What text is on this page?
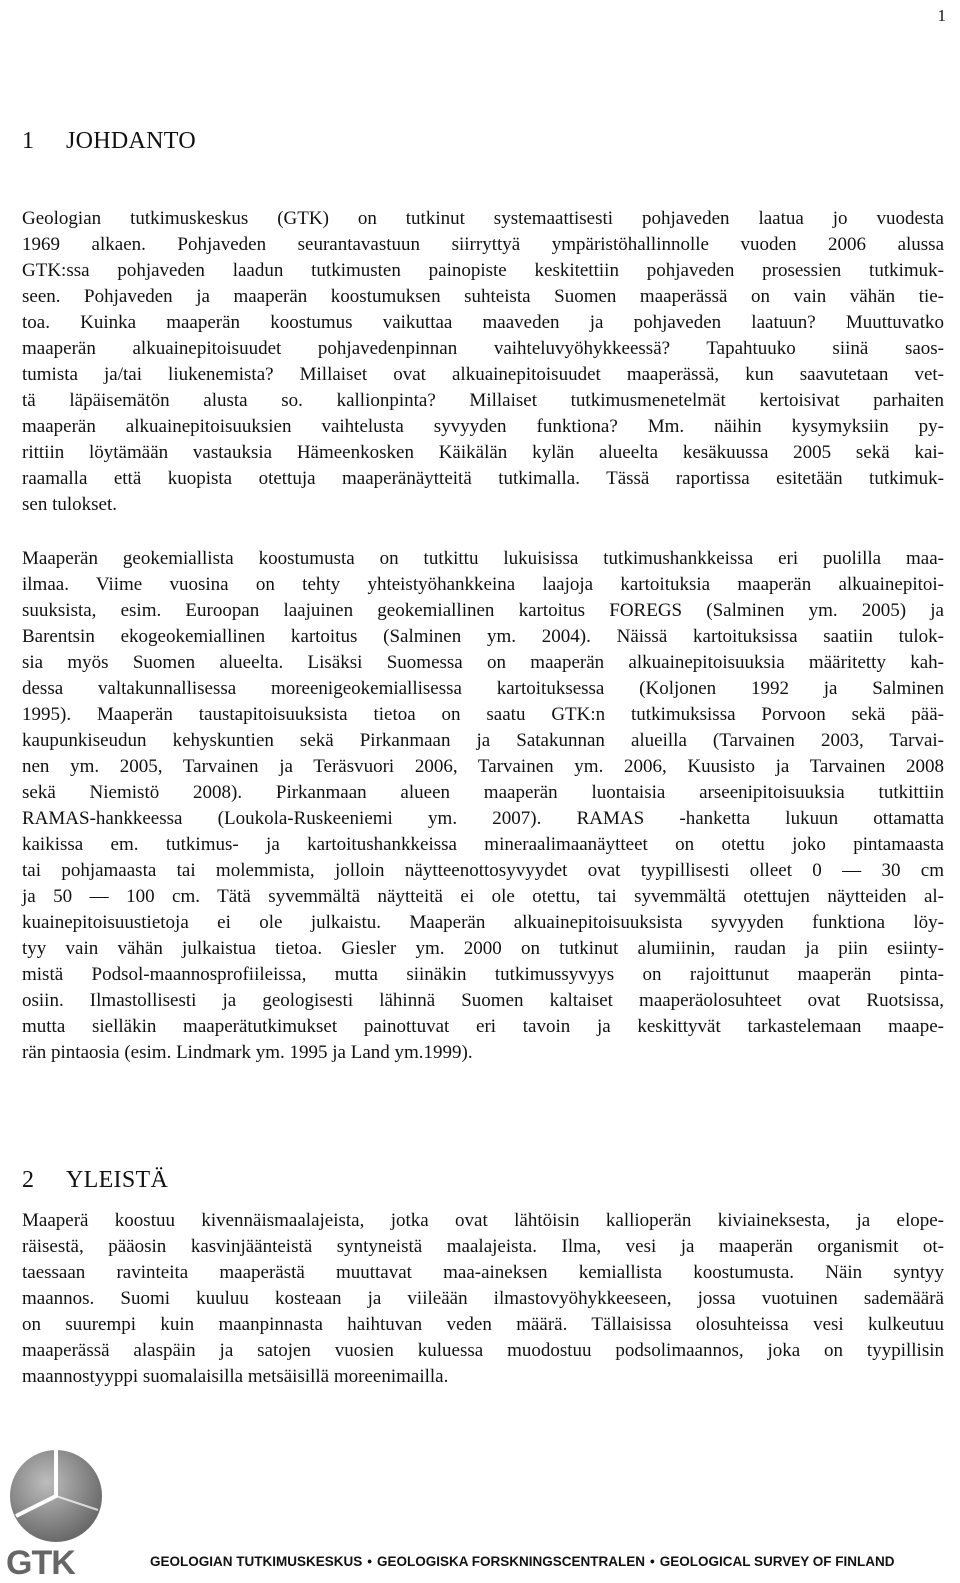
1
1 JOHDANTO

Geologian tutkimuskeskus (GTK) on tutkinut systemaattisesti pohjaveden laatua jo vuodesta
1969 alkaen. Pohjaveden seurantavastuun siirryttyä ympäristöhallinnolle vuoden 2006 alussa
GTK:ssa pohjaveden laadun tutkimusten painopiste keskitettiin pohjaveden prosessien tutkimuk-
seen. Pohjaveden ja maaperän koostumuksen suhteista Suomen maaperässä on vain vähän tie-
toa. Kuinka maaperän koostumus vaikuttaa maaveden ja pohjaveden laatuun? Muuttuvatko
maaperän alkuainepitoisuudet pohjavedenpinnan vaihteluvyöhykkeessä? Tapahtuuko siinä saos-
tumista ja/tai liukenemista? Millaiset ovat alkuainepitoisuudet maaperässä, kun saavutetaan vet-
tä läpäisemätön alusta so. kallionpinta? Millaiset tutkimusmenetelmät kertoisivat parhaiten
maaperän alkuainepitoisuuksien vaihtelusta syvyyden funktiona? Mm. näihin kysymyksiin py-
rittiin löytämään vastauksia Hämeenkosken Käikälän kylän alueelta kesäkuussa 2005 sekä kai-
raamalla että kuopista otettuja maaperänäytteitä tutkimalla. Tässä raportissa esitetään tutkimuk-
sen tulokset.

Maaperän geokemiallista koostumusta on tutkittu lukuisissa tutkimushankkeissa eri puolilla maa-
ilmaa. Viime vuosina on tehty yhteistyöhankkeina laajoja kartoituksia maaperän alkuainepitoi-
suuksista, esim. Euroopan laajuinen geokemiallinen kartoitus FOREGS (Salminen ym. 2005) ja
Barentsin ekogeokemiallinen kartoitus (Salminen ym. 2004). Näissä kartoituksissa saatiin tulok-
sia myös Suomen alueelta. Lisäksi Suomessa on maaperän alkuainepitoisuuksia määritetty kah-
dessa valtakunnallisessa moreenigeokemiallisessa kartoituksessa (Koljonen 1992 ja Salminen
1995). Maaperän taustapitoisuuksista tietoa on saatu GTK:n tutkimuksissa Porvoon sekä pää-
kaupunkiseudun kehyskuntien sekä Pirkanmaan ja Satakunnan alueilla (Tarvainen 2003, Tarvai-
nen ym. 2005, Tarvainen ja Teräsvuori 2006, Tarvainen ym. 2006, Kuusisto ja Tarvainen 2008
sekä Niemistö 2008). Pirkanmaan alueen maaperän luontaisia arseenipitoisuuksia tutkittiin
RAMAS-hankkeessa (Loukola-Ruskeeniemi ym. 2007). RAMAS -hanketta lukuun ottamatta
kaikissa em. tutkimus- ja kartoitushankkeissa mineraalimaanäytteet on otettu joko pintamaasta
tai pohjamaasta tai molemmista, jolloin näytteenottosyvyydet ovat tyypillisesti olleet 0 — 30 cm
ja 50 — 100 cm. Tätä syvemmältä näytteitä ei ole otettu, tai syvemmältä otettujen näytteiden al-
kuainepitoisuustietoja ei ole julkaistu. Maaperän alkuainepitoisuuksista syvyyden funktiona löy-
tyy vain vähän julkaistua tietoa. Giesler ym. 2000 on tutkinut alumiinin, raudan ja piin esiinty-
mistä Podsol-maannosprofiileissa, mutta siinäkin tutkimussyvyys on rajoittunut maaperän pinta-
osiin. Ilmastollisesti ja geologisesti lähinnä Suomen kaltaiset maaperäolosuhteet ovat Ruotsissa,
mutta sielläkin maaperätutkimukset painottuvat eri tavoin ja keskittyvät tarkastelemaan maape-
rän pintaosia (esim. Lindmark ym. 1995 ja Land ym.1999).

2 YLEISTÄ

Maaperä koostuu kivennäismaalajeista, jotka ovat lähtöisin kallioperän kiviaineksesta, ja elope-
räisestä, pääosin kasvinjäänteistä syntyneistä maalajeista. Ilma, vesi ja maaperän organismit ot-
taessaan ravinteita maaperästä muuttavat maa-aineksen kemiallista koostumusta. Näin syntyy
maannos. Suomi kuuluu kosteaan ja viileään ilmastovyöhykkeeseen, jossa vuotuinen sademäärä
on suurempi kuin maanpinnasta haihtuvan veden määrä. Tällaisissa olosuhteissa vesi kulkeutuu
maaperässä alaspäin ja satojen vuosien kuluessa muodostuu podsolimaannos, joka on tyypillisin
maannostyyppi suomalaisilla metsäisillä moreenimailla.

GTK	GEOLOGIAN TUTKIMUSKESKUS • GEOLOGISKA FORSKNINGSCENTRALEN • GEOLOGICAL SURVEY OF FINLAND
